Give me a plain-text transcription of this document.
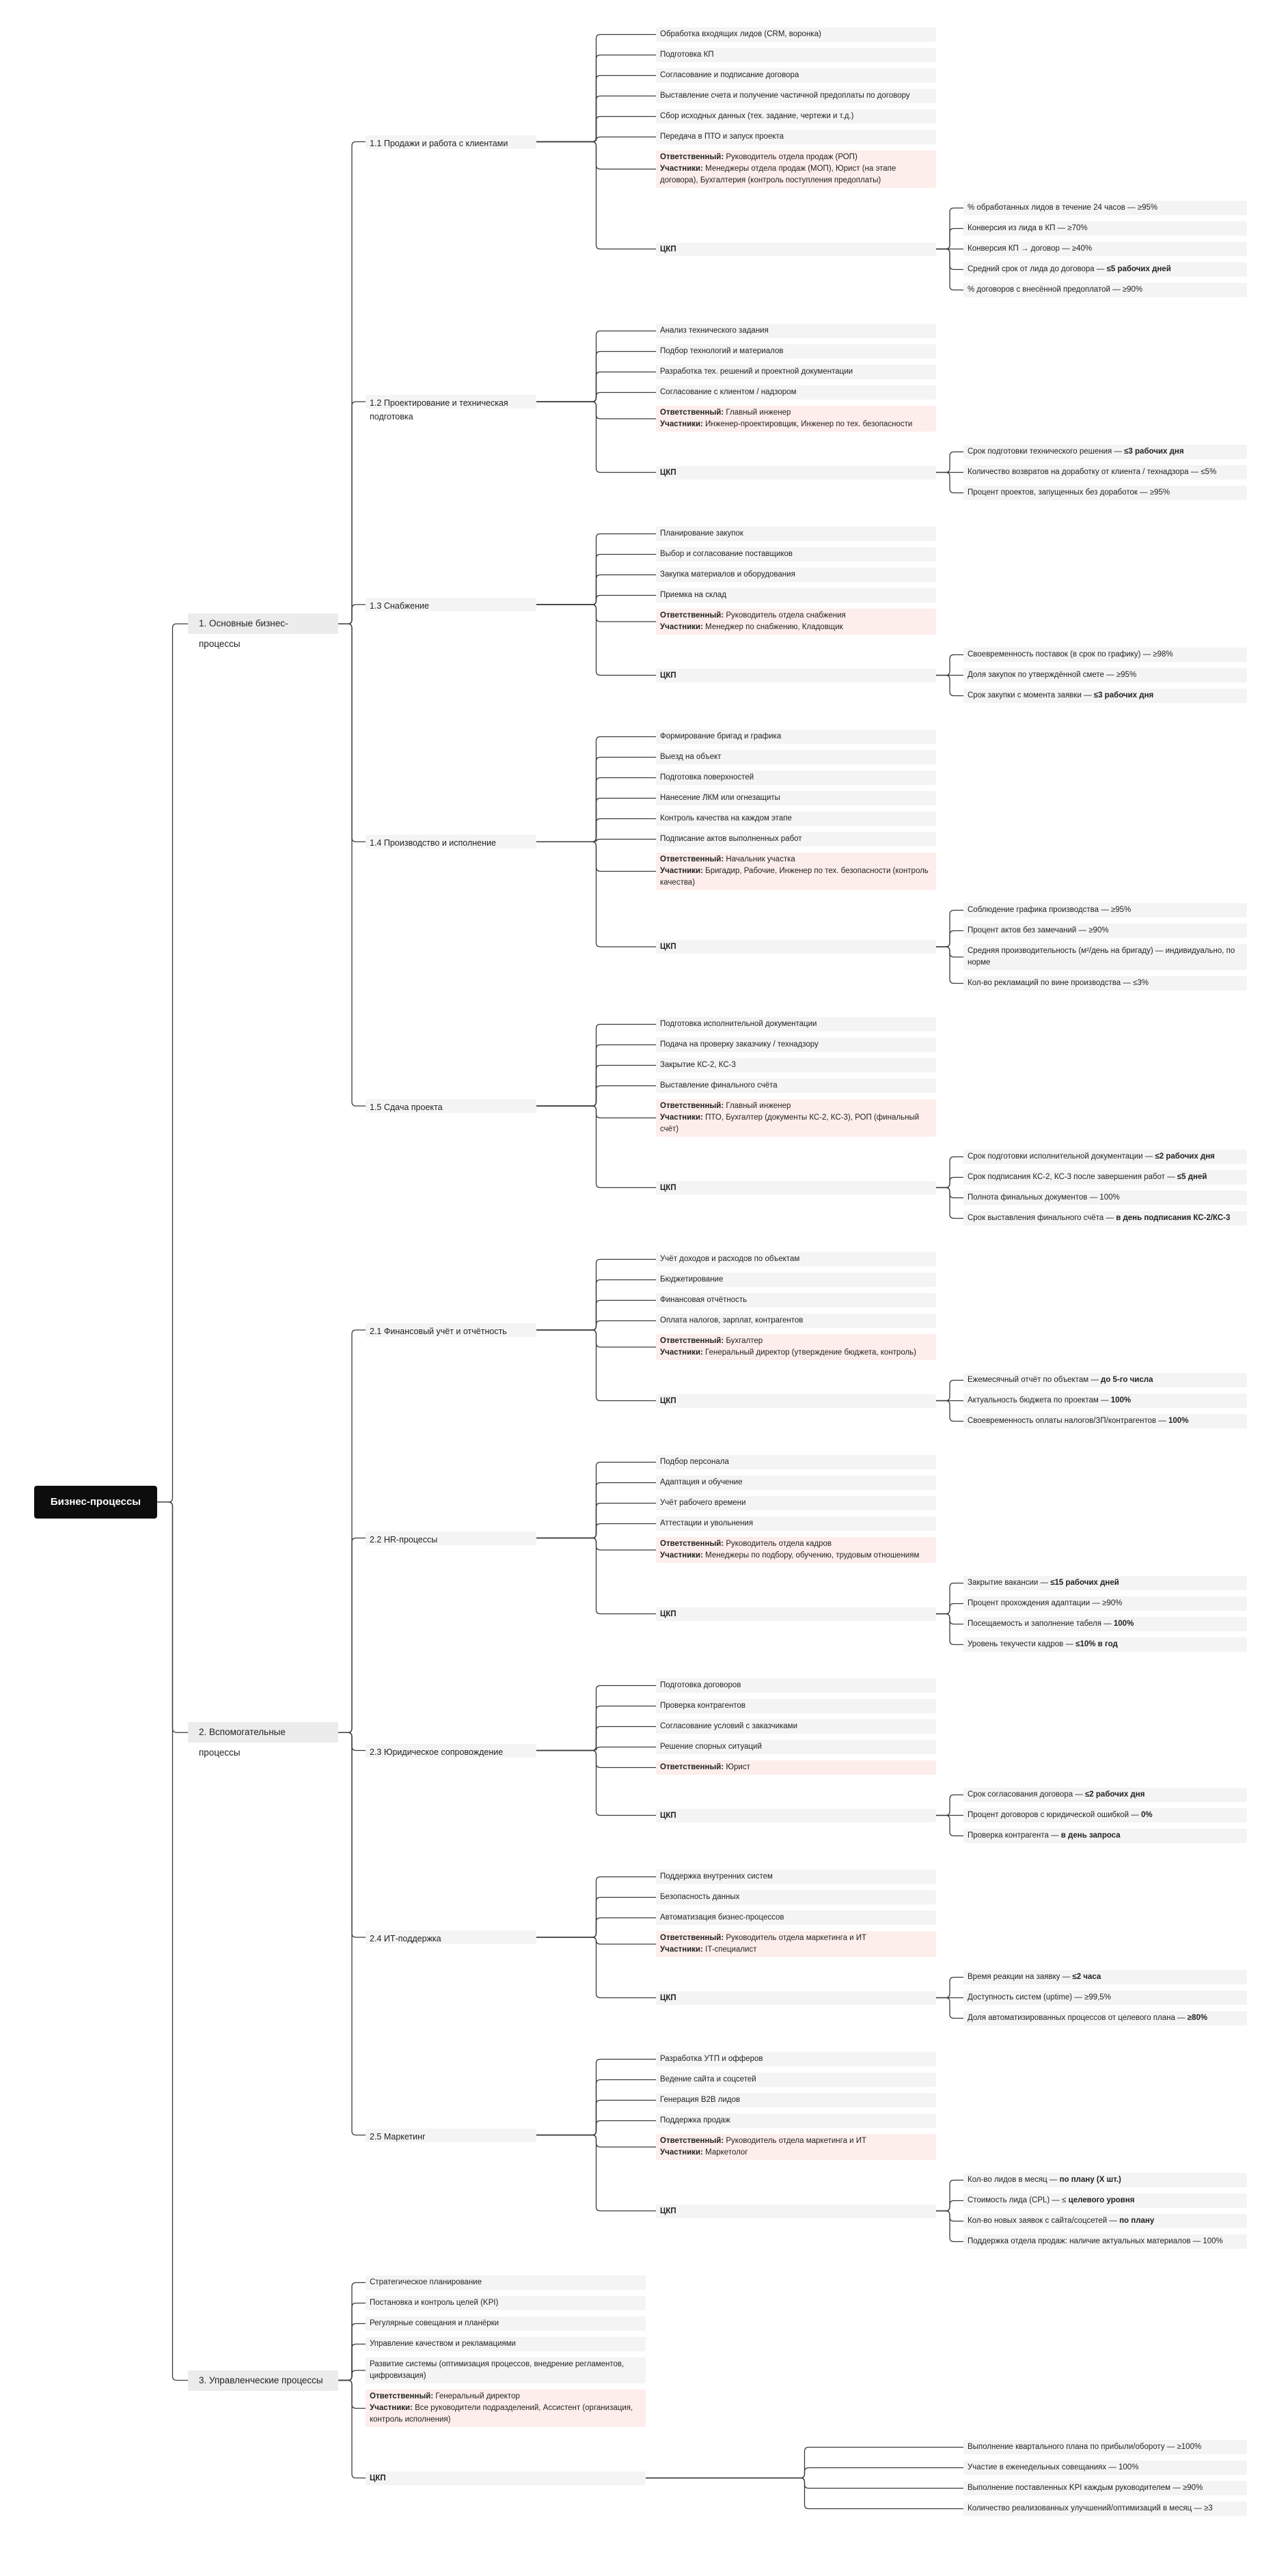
Обработка входящих лидов (CRM, воронка)
Подготовка КП
Согласование и подписание договора
Выставление счета и получение частичной предоплаты по договору
Сбор исходных данных (тех. задание, чертежи и т.д.)
Передача в ПТО и запуск проекта
Ответственный: Руководитель отдела продаж (РОП)
Участники: Менеджеры отдела продаж (МОП), Юрист (на этапе договора), Бухгалтерия (контроль поступления предоплаты)
% обработанных лидов в течение 24 часов — ≥95%
Конверсия из лида в КП — ≥70%
Конверсия КП → договор — ≥40%
Средний срок от лида до договора — ≤5 рабочих дней
% договоров с внесённой предоплатой — ≥90%
ЦКП
1.1 Продажи и работа с клиентами
Анализ технического задания
Подбор технологий и материалов
Разработка тех. решений и проектной документации
Согласование с клиентом / надзором
Ответственный: Главный инженер
Участники: Инженер-проектировщик, Инженер по тех. безопасности
Срок подготовки технического решения — ≤3 рабочих дня
Количество возвратов на доработку от клиента / технадзора — ≤5%
Процент проектов, запущенных без доработок — ≥95%
ЦКП
1.2 Проектирование и техническая подготовка
Планирование закупок
Выбор и согласование поставщиков
Закупка материалов и оборудования
Приемка на склад
Ответственный: Руководитель отдела снабжения
Участники: Менеджер по снабжению, Кладовщик
Своевременность поставок (в срок по графику) — ≥98%
Доля закупок по утверждённой смете — ≥95%
Срок закупки с момента заявки — ≤3 рабочих дня
ЦКП
1.3 Снабжение
Формирование бригад и графика
Выезд на объект
Подготовка поверхностей
Нанесение ЛКМ или огнезащиты
Контроль качества на каждом этапе
Подписание актов выполненных работ
Ответственный: Начальник участка
Участники: Бригадир, Рабочие, Инженер по тех. безопасности (контроль качества)
Соблюдение графика производства — ≥95%
Процент актов без замечаний — ≥90%
Средняя производительность (м²/день на бригаду) — индивидуально, по норме
Кол-во рекламаций по вине производства — ≤3%
ЦКП
1.4 Производство и исполнение
Подготовка исполнительной документации
Подача на проверку заказчику / технадзору
Закрытие КС-2, КС-3
Выставление финального счёта
Ответственный: Главный инженер
Участники: ПТО, Бухгалтер (документы КС-2, КС-3), РОП (финальный счёт)
Срок подготовки исполнительной документации — ≤2 рабочих дня
Срок подписания КС-2, КС-3 после завершения работ — ≤5 дней
Полнота финальных документов — 100%
Срок выставления финального счёта — в день подписания КС-2/КС-3
ЦКП
1.5 Сдача проекта
1. Основные бизнес-процессы
Учёт доходов и расходов по объектам
Бюджетирование
Финансовая отчётность
Оплата налогов, зарплат, контрагентов
Ответственный: Бухгалтер
Участники: Генеральный директор (утверждение бюджета, контроль)
Ежемесячный отчёт по объектам — до 5-го числа
Актуальность бюджета по проектам — 100%
Своевременность оплаты налогов/ЗП/контрагентов — 100%
ЦКП
2.1 Финансовый учёт и отчётность
Подбор персонала
Адаптация и обучение
Учёт рабочего времени
Аттестации и увольнения
Ответственный: Руководитель отдела кадров
Участники: Менеджеры по подбору, обучению, трудовым отношениям
Закрытие вакансии — ≤15 рабочих дней
Процент прохождения адаптации — ≥90%
Посещаемость и заполнение табеля — 100%
Уровень текучести кадров — ≤10% в год
ЦКП
2.2 HR-процессы
Подготовка договоров
Проверка контрагентов
Согласование условий с заказчиками
Решение спорных ситуаций
Ответственный: Юрист
Срок согласования договора — ≤2 рабочих дня
Процент договоров с юридической ошибкой — 0%
Проверка контрагента — в день запроса
ЦКП
2.3 Юридическое сопровождение
Поддержка внутренних систем
Безопасность данных
Автоматизация бизнес-процессов
Ответственный: Руководитель отдела маркетинга и ИТ
Участники: IT-специалист
Время реакции на заявку — ≤2 часа
Доступность систем (uptime) — ≥99,5%
Доля автоматизированных процессов от целевого плана — ≥80%
ЦКП
2.4 ИТ-поддержка
Разработка УТП и офферов
Ведение сайта и соцсетей
Генерация B2B лидов
Поддержка продаж
Ответственный: Руководитель отдела маркетинга и ИТ
Участники: Маркетолог
Кол-во лидов в месяц — по плану (X шт.)
Стоимость лида (CPL) — ≤ целевого уровня
Кол-во новых заявок с сайта/соцсетей — по плану
Поддержка отдела продаж: наличие актуальных материалов — 100%
ЦКП
2.5 Маркетинг
2. Вспомогательные процессы
Стратегическое планирование
Постановка и контроль целей (KPI)
Регулярные совещания и планёрки
Управление качеством и рекламациями
Развитие системы (оптимизация процессов, внедрение регламентов, цифровизация)
Ответственный: Генеральный директор
Участники: Все руководители подразделений, Ассистент (организация, контроль исполнения)
Выполнение квартального плана по прибыли/обороту — ≥100%
Участие в еженедельных совещаниях — 100%
Выполнение поставленных KPI каждым руководителем — ≥90%
Количество реализованных улучшений/оптимизаций в месяц — ≥3
ЦКП
3. Управленческие процессы
Бизнес-процессы
